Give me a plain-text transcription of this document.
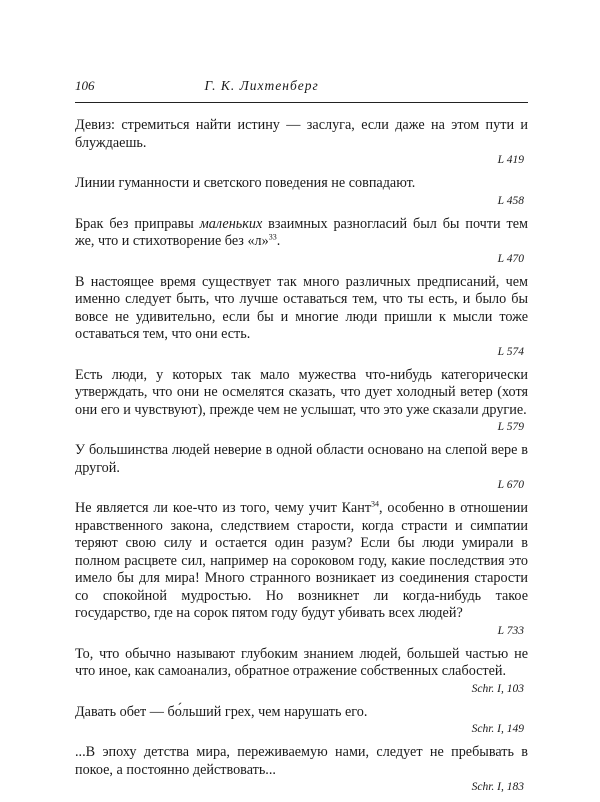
106	Г. К. Лихтенберг

Девиз: стремиться найти истину — заслуга, если даже на этом пути и блуждаешь.

L 419

Линии гуманности и светского поведения не совпадают.

L 458

Брак без приправы маленьких взаимных разногласий был бы почти тем же, что и стихотворение без «л»$^{33}$.

L 470

В настоящее время существует так много различных предписаний, чем именно следует быть, что лучше оставаться тем, что ты есть, и было бы вовсе не удивительно, если бы и многие люди пришли к мысли тоже оставаться тем, что они есть.

L 574

Есть люди, у которых так мало мужества что-нибудь категорически утверждать, что они не осмелятся сказать, что дует холодный ветер (хотя они его и чувствуют), прежде чем не услышат, что это уже сказали другие.

L 579

У большинства людей неверие в одной области основано на слепой вере в другой.

L 670

Не является ли кое-что из того, чему учит Кант$^{34}$, особенно в отношении нравственного закона, следствием старости, когда страсти и симпатии теряют свою силу и остается один разум? Если бы люди умирали в полном расцвете сил, например на сороковом году, какие последствия это имело бы для мира! Много странного возникает из соединения старости со спокойной мудростью. Но возникнет ли когда-нибудь такое государство, где на сорок пятом году будут убивать всех людей?

L 733

То, что обычно называют глубоким знанием людей, большей частью не что иное, как самоанализ, обратное отражение собственных слабостей.

Schr. I, 103

Давать обет — бо́льший грех, чем нарушать его.

Schr. I, 149

...В эпоху детства мира, переживаемую нами, следует не пребывать в покое, а постоянно действовать...

Schr. I, 183
